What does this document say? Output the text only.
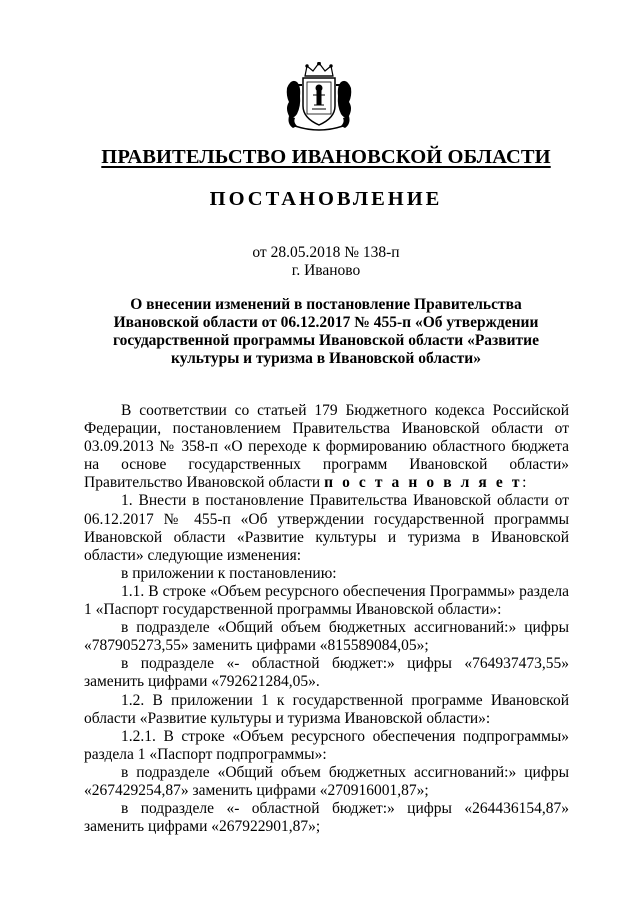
ПРАВИТЕЛЬСТВО ИВАНОВСКОЙ ОБЛАСТИ
ПОСТАНОВЛЕНИЕ
от 28.05.2018 № 138-п
г. Иваново
О внесении изменений в постановление Правительства Ивановской области от 06.12.2017 № 455-п «Об утверждении государственной программы Ивановской области «Развитие культуры и туризма в Ивановской области»

В соответствии со статьей 179 Бюджетного кодекса Российской Федерации, постановлением Правительства Ивановской области от 03.09.2013 № 358-п «О переходе к формированию областного бюджета на основе государственных программ Ивановской области» Правительство Ивановской области п о с т а н о в л я е т:

1. Внести в постановление Правительства Ивановской области от 06.12.2017 № 455-п «Об утверждении государственной программы Ивановской области «Развитие культуры и туризма в Ивановской области» следующие изменения:

в приложении к постановлению:

1.1. В строке «Объем ресурсного обеспечения Программы» раздела 1 «Паспорт государственной программы Ивановской области»:

в подразделе «Общий объем бюджетных ассигнований:» цифры «787905273,55» заменить цифрами «815589084,05»;

в подразделе «- областной бюджет:» цифры «764937473,55» заменить цифрами «792621284,05».

1.2. В приложении 1 к государственной программе Ивановской области «Развитие культуры и туризма Ивановской области»:

1.2.1. В строке «Объем ресурсного обеспечения подпрограммы» раздела 1 «Паспорт подпрограммы»:

в подразделе «Общий объем бюджетных ассигнований:» цифры «267429254,87» заменить цифрами «270916001,87»;

в подразделе «- областной бюджет:» цифры «264436154,87» заменить цифрами «267922901,87»;
